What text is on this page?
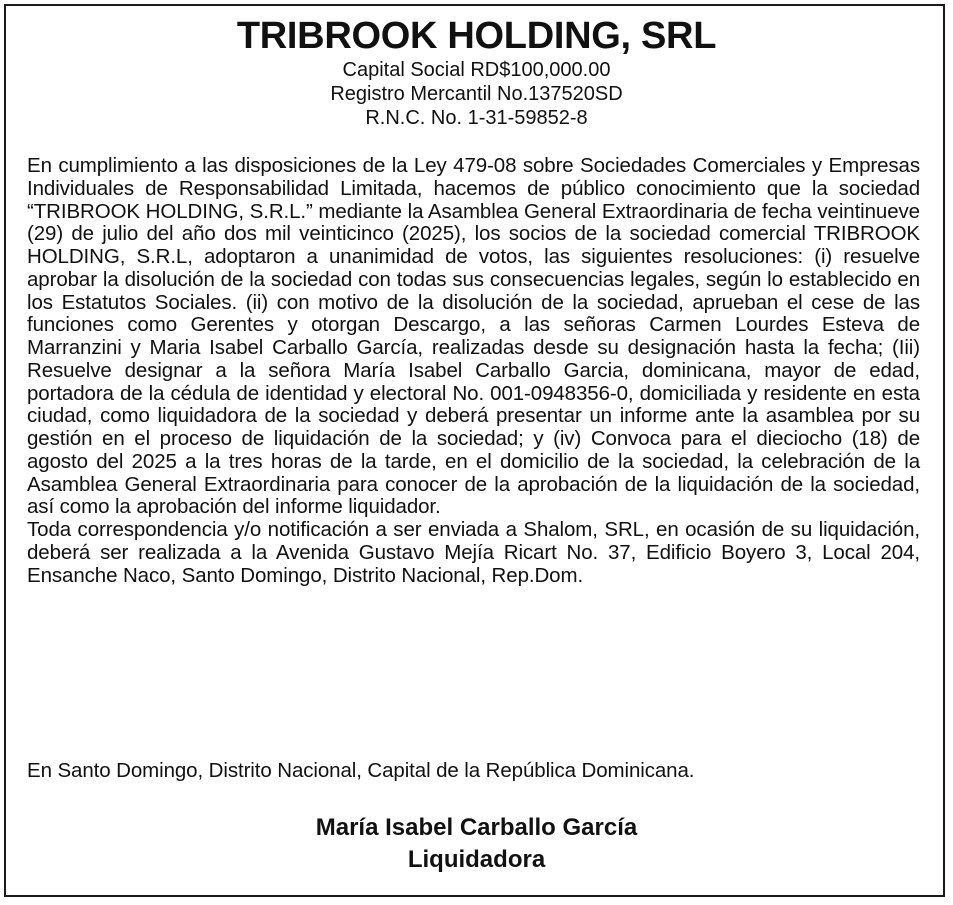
TRIBROOK HOLDING, SRL
Capital Social RD$100,000.00
Registro Mercantil No.137520SD
R.N.C. No. 1-31-59852-8

En cumplimiento a las disposiciones de la Ley 479-08 sobre Sociedades Comerciales y Empresas Individuales de Responsabilidad Limitada, hacemos de público conocimiento que la sociedad “TRIBROOK HOLDING, S.R.L.” mediante la Asamblea General Extraordinaria de fecha veintinueve (29) de julio del año dos mil veinticinco (2025), los socios de la sociedad comercial TRIBROOK HOLDING, S.R.L, adoptaron a unanimidad de votos, las siguientes resoluciones: (i) resuelve aprobar la disolución de la sociedad con todas sus consecuencias legales, según lo establecido en los Estatutos Sociales. (ii) con motivo de la disolución de la sociedad, aprueban el cese de las funciones como Gerentes y otorgan Descargo, a las señoras Carmen Lourdes Esteva de Marranzini y Maria Isabel Carballo García, realizadas desde su designación hasta la fecha; (Iii) Resuelve designar a la señora María Isabel Carballo Garcia, dominicana, mayor de edad, portadora de la cédula de identidad y electoral No. 001-0948356-0, domiciliada y residente en esta ciudad, como liquidadora de la sociedad y deberá presentar un informe ante la asamblea por su gestión en el proceso de liquidación de la sociedad; y (iv) Convoca para el dieciocho (18) de agosto del 2025 a la tres horas de la tarde, en el domicilio de la sociedad, la celebración de la Asamblea General Extraordinaria para conocer de la aprobación de la liquidación de la sociedad, así como la aprobación del informe liquidador.

Toda correspondencia y/o notificación a ser enviada a Shalom, SRL, en ocasión de su liquidación, deberá ser realizada a la Avenida Gustavo Mejía Ricart No. 37, Edificio Boyero 3, Local 204, Ensanche Naco, Santo Domingo, Distrito Nacional, Rep.Dom.

En Santo Domingo, Distrito Nacional, Capital de la República Dominicana.
María Isabel Carballo García
Liquidadora
